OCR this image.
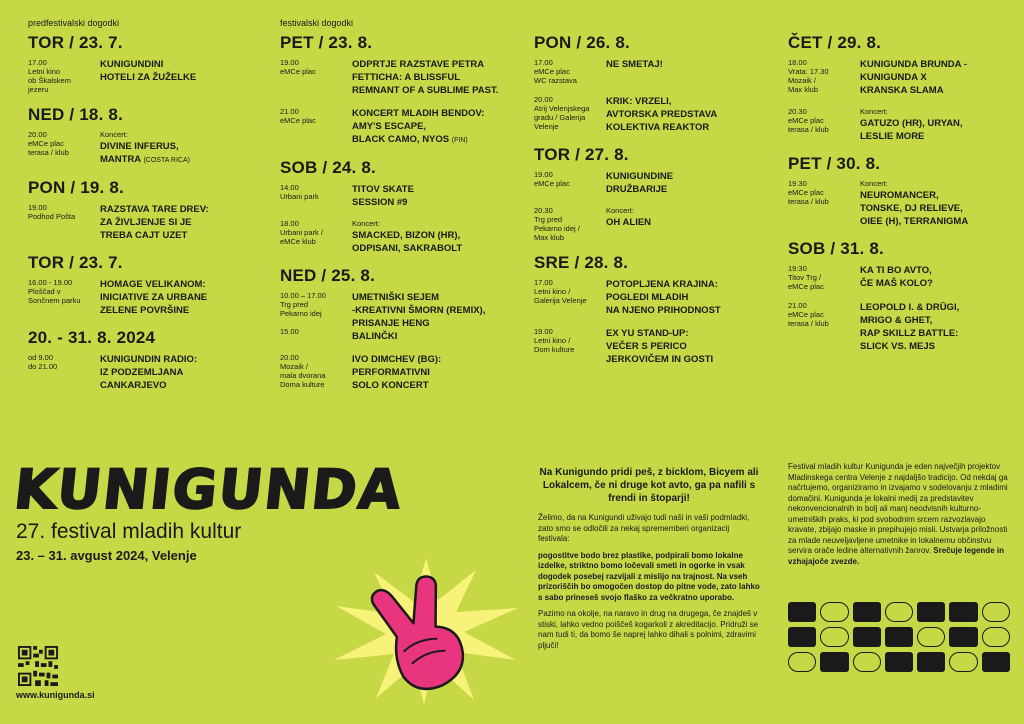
predfestivalski dogodki	festivalski dogodki
TOR / 23. 7.
17.00
Letni kino
ob Škalskem
jezeru
KUNIGUNDINI
HOTELI ZA ŽUŽELKE
NED / 18. 8.
20.00
eMCe plac
terasa / klub
Koncert:
DIVINE INFERUS,
MANTRA (COSTA RICA)
PON / 19. 8.
19.00
Podhod Pošta
RAZSTAVA TARE DREV:
ZA ŽIVLJENJE SI JE
TREBA CAJT UZET
TOR / 23. 7.
16.00 - 19.00
Ploščad v
Sončnem parku
HOMAGE VELIKANOM:
INICIATIVE ZA URBANE
ZELENE POVRŠINE
20. - 31. 8. 2024
od 9.00
do 21.00
KUNIGUNDIN RADIO:
IZ PODZEMLJANA
CANKARJEVO
PET / 23. 8.
19.00
eMCe plac
ODPRTJE RAZSTAVE PETRA
FETTICHA: A BLISSFUL
REMNANT OF A SUBLIME PAST.
21.00
eMCe plac
KONCERT MLADIH BENDOV:
AMY'S ESCAPE,
BLACK CAMO, NYOS (FIN)
SOB / 24. 8.
14.00
Urbani park
TITOV SKATE
SESSION #9
18.00
Urbani park /
eMCe klub
Koncert:
SMACKED, BIZON (HR),
ODPISANI, SAKRABOLT
NED / 25. 8.
10.00 – 17.00
Trg pred
Pekarno idej

15.00
UMETNIŠKI SEJEM
-KREATIVNI ŠMORN (REMIX),
PRISANJE HENG
BALINČKI
20.00
Mozaik /
mala dvorana
Doma kulture
IVO DIMCHEV (BG):
PERFORMATIVNI
SOLO KONCERT
PON / 26. 8.
17.00
eMCe plac
WC razstava
NE SMETAJ!
20.00
Atrij Velenjskega
gradu / Galerija
Velenje
KRIK: VRZELI,
AVTORSKA PREDSTAVA
KOLEKTIVA REAKTOR
TOR / 27. 8.
19.00
eMCe plac
KUNIGUNDINE
DRUŽBARIJE
20.30
Trg pred
Pekarno idej /
Max klub
Koncert:
OH ALIEN
SRE / 28. 8.
17.00
Letni kino /
Galerija Velenje
POTOPLJENA KRAJINA:
POGLEDI MLADIH
NA NJENO PRIHODNOST
19.00
Letni kino /
Dom kulture
EX YU STAND-UP:
VEČER S PERICO
JERKOVIČEM IN GOSTI
ČET / 29. 8.
18.00
Vrata: 17.30
Mozaik /
Max klub
KUNIGUNDA BRUNDA -
KUNIGUNDA X
KRANSKA SLAMA
20.30
eMCe plac
terasa / klub
Koncert:
GATUZO (HR), URYAN,
LESLIE MORE
PET / 30. 8.
19.30
eMCe plac
terasa / klub
Koncert:
NEUROMANCER,
TONSKE, DJ RELIEVE,
OIEE (H), TERRANIGMA
SOB / 31. 8.
19:30
Titov Trg /
eMCe plac
KA TI BO AVTO,
ČE MAŠ KOLO?
21.00
eMCe plac
terasa / klub
LEOPOLD I. & DRŪGI,
MRIGO & GHET,
RAP SKILLZ BATTLE:
SLICK VS. MEJS
KUNIGUNDA
27. festival mladih kultur
23. – 31. avgust 2024, Velenje
www.kunigunda.si
Na Kunigundo pridi peš, z bicklom, Bicyem ali Lokalcem, če ni druge kot avto, ga pa nafili s frendi in štoparji!

Želimo, da na Kunigundi uživajo tudi naši in vaši podmladki, zato smo se odločili za nekaj sprememberi organizacij festivala:

pogostitve bodo brez plastike, podpirali bomo lokalne izdelke, striktno bomo ločevali smeti in ogorke in vsak dogodek posebej razvijali z mislijo na trajnost. Na vseh prizoriščih bo omogočen dostop do pitne vode, zato lahko s sabo prineseš svojo flaško za večkratno uporabo.

Pazimo na okolje, na naravo in drug na drugega, če znajdeš v stiski, lahko vedno poiščeš kogarkoli z akreditacijo. Pridruži se nam tudi ti, da bomo še naprej lahko dihali s polnimi, zdravimi pljuči!

Festival mladih kultur Kunigunda je eden največjih projektov Mladinskega centra Velenje z najdaljšo tradicijo. Od nekdaj ga načrtujemo, organiziramo in izvajamo v sodelovanju z mladimi domačini. Kunigunda je lokalni medij za predstavitev nekonvencionalnih in bolj ali manj neodvisnih kulturno-umetniških praks, ki pod svobodnim srcem razvozlavajo kravate, zbijajo maske in prepihujejo misli. Ustvarja priložnosti za mlade neuveljavljene umetnike in lokalnemu občinstvu servira orače ledine alternativnih žanrov. Srečuje legende in vzhajajoče zvezde.
